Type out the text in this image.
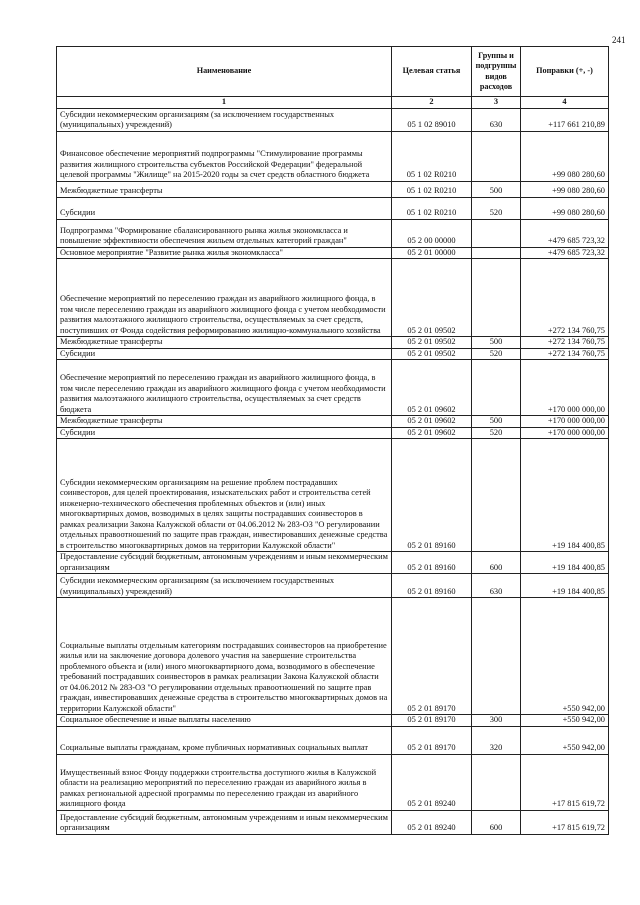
241
Наименование	Целевая статья	Группы и подгруппы видов расходов	Поправки (+, -)
1	2	3	4
Субсидии некоммерческим организациям (за исключением государственных (муниципальных) учреждений)	05 1 02 89010	630	+117 661 210,89
Финансовое обеспечение мероприятий подпрограммы "Стимулирование программы развития жилищного строительства субъектов Российской Федерации" федеральной целевой программы "Жилище" на 2015-2020 годы за счет средств областного бюджета	05 1 02 R0210		+99 080 280,60
Межбюджетные трансферты	05 1 02 R0210	500	+99 080 280,60
Субсидии	05 1 02 R0210	520	+99 080 280,60
Подпрограмма "Формирование сбалансированного рынка жилья экономкласса и повышение эффективности обеспечения жильем отдельных категорий граждан"	05 2 00 00000		+479 685 723,32
Основное мероприятие "Развитие рынка жилья экономкласса"	05 2 01 00000		+479 685 723,32
Обеспечение мероприятий по переселению граждан из аварийного жилищного фонда, в том числе переселению граждан из аварийного жилищного фонда с учетом необходимости развития малоэтажного жилищного строительства, осуществляемых за счет средств, поступивших от Фонда содействия реформированию жилищно-коммунального хозяйства	05 2 01 09502		+272 134 760,75
Межбюджетные трансферты	05 2 01 09502	500	+272 134 760,75
Субсидии	05 2 01 09502	520	+272 134 760,75
Обеспечение мероприятий по переселению граждан из аварийного жилищного фонда, в том числе переселению граждан из аварийного жилищного фонда с учетом необходимости развития малоэтажного жилищного строительства, осуществляемых за счет средств бюджета	05 2 01 09602		+170 000 000,00
Межбюджетные трансферты	05 2 01 09602	500	+170 000 000,00
Субсидии	05 2 01 09602	520	+170 000 000,00
Субсидии некоммерческим организациям на решение проблем пострадавших соинвесторов, для целей проектирования, изыскательских работ и строительства сетей инженерно-технического обеспечения проблемных объектов и (или) иных многоквартирных домов, возводимых в целях защиты пострадавших соинвесторов в рамках реализации Закона Калужской области от 04.06.2012 № 283-ОЗ "О регулировании отдельных правоотношений по защите прав граждан, инвестировавших денежные средства в строительство многоквартирных домов на территории Калужской области"	05 2 01 89160		+19 184 400,85
Предоставление субсидий бюджетным, автономным учреждениям и иным некоммерческим организациям	05 2 01 89160	600	+19 184 400,85
Субсидии некоммерческим организациям (за исключением государственных (муниципальных) учреждений)	05 2 01 89160	630	+19 184 400,85
Социальные выплаты отдельным категориям пострадавших соинвесторов на приобретение жилья или на заключение договора долевого участия на завершение строительства проблемного объекта и (или) иного многоквартирного дома, возводимого в обеспечение требований пострадавших соинвесторов в рамках реализации Закона Калужской области от 04.06.2012 № 283-ОЗ "О регулировании отдельных правоотношений по защите прав граждан, инвестировавших денежные средства в строительство многоквартирных домов на территории Калужской области"	05 2 01 89170		+550 942,00
Социальное обеспечение и иные выплаты населению	05 2 01 89170	300	+550 942,00
Социальные выплаты гражданам, кроме публичных нормативных социальных выплат	05 2 01 89170	320	+550 942,00
Имущественный взнос Фонду поддержки строительства доступного жилья в Калужской области на реализацию мероприятий по переселению граждан из аварийного жилья в рамках региональной адресной программы по переселению граждан из аварийного жилищного фонда	05 2 01 89240		+17 815 619,72
Предоставление субсидий бюджетным, автономным учреждениям и иным некоммерческим организациям	05 2 01 89240	600	+17 815 619,72
